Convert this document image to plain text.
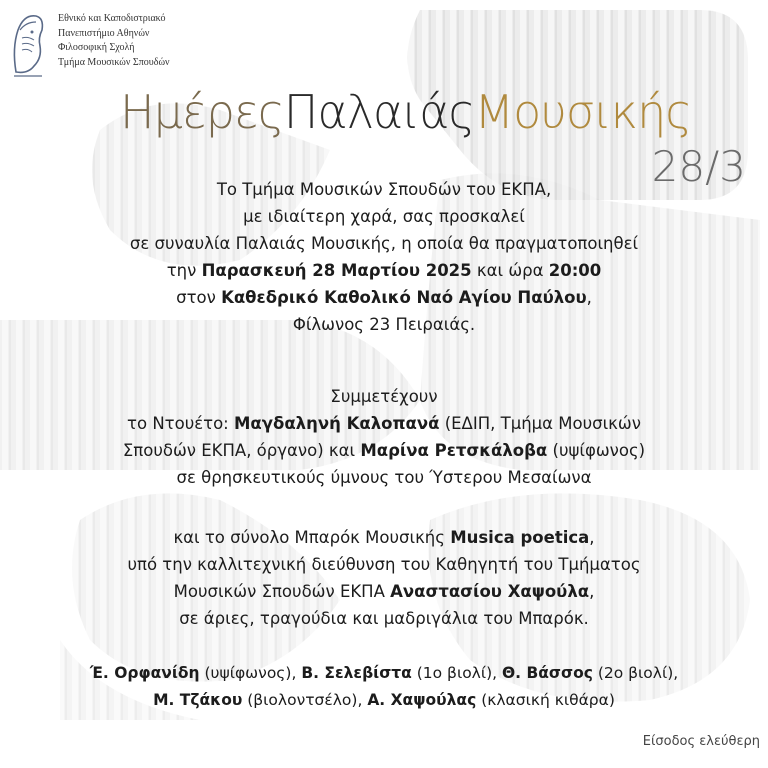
Εθνικό και Καποδιστριακό
Πανεπιστήμιο Αθηνών
Φιλοσοφική Σχολή
Τμήμα Μουσικών Σπουδών
ΗμέρεςΠαλαιάςΜουσικής
28/3
Το Τμήμα Μουσικών Σπουδών του ΕΚΠΑ,
με ιδιαίτερη χαρά, σας προσκαλεί
σε συναυλία Παλαιάς Μουσικής, η οποία θα πραγματοποιηθεί
την Παρασκευή 28 Μαρτίου 2025 και ώρα 20:00
στον Καθεδρικό Καθολικό Ναό Αγίου Παύλου,
Φίλωνος 23 Πειραιάς.
Συμμετέχουν
το Ντουέτο: Μαγδαληνή Καλοπανά (ΕΔΙΠ, Τμήμα Μουσικών
Σπουδών ΕΚΠΑ, όργανο) και Μαρίνα Ρετσκάλοβα (υψίφωνος)
σε θρησκευτικούς ύμνους του Ύστερου Μεσαίωνα
και το σύνολο Μπαρόκ Μουσικής Musica poetica,
υπό την καλλιτεχνική διεύθυνση του Καθηγητή του Τμήματος
Μουσικών Σπουδών ΕΚΠΑ Αναστασίου Χαψούλα,
σε άριες, τραγούδια και μαδριγάλια του Μπαρόκ.
Έ. Ορφανίδη (υψίφωνος), Β. Σελεβίστα (1ο βιολί), Θ. Βάσσος (2ο βιολί),
Μ. Τζάκου (βιολοντσέλο), Α. Χαψούλας (κλασική κιθάρα)
Είσοδος ελεύθερη
